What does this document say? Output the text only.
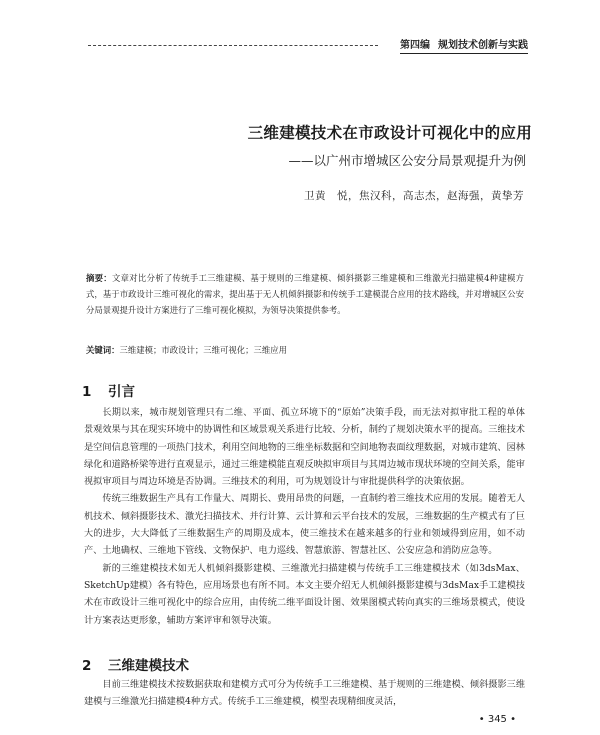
第四编 规划技术创新与实践
三维建模技术在市政设计可视化中的应用
——以广州市增城区公安分局景观提升为例
卫黄　悦，焦汉科，高志杰，赵海强，黄挚芳
摘要：文章对比分析了传统手工三维建模、基于规则的三维建模、倾斜摄影三维建模和三维激光扫描建模4种建模方式，基于市政设计三维可视化的需求，提出基于无人机倾斜摄影和传统手工建模混合应用的技术路线，并对增城区公安分局景观提升设计方案进行了三维可视化模拟，为领导决策提供参考。
关键词：三维建模；市政设计；三维可视化；三维应用
1 引言

长期以来，城市规划管理只有二维、平面、孤立环境下的“原始”决策手段，而无法对拟审批工程的单体景观效果与其在现实环境中的协调性和区域景观关系进行比较、分析，制约了规划决策水平的提高。三维技术是空间信息管理的一项热门技术，利用空间地物的三维坐标数据和空间地物表面纹理数据，对城市建筑、园林绿化和道路桥梁等进行直观显示，通过三维建模能直观反映拟审项目与其周边城市现状环境的空间关系，能审视拟审项目与周边环境是否协调。三维技术的利用，可为规划设计与审批提供科学的决策依据。

传统三维数据生产具有工作量大、周期长、费用昂贵的问题，一直制约着三维技术应用的发展。随着无人机技术、倾斜摄影技术、激光扫描技术、并行计算、云计算和云平台技术的发展，三维数据的生产模式有了巨大的进步，大大降低了三维数据生产的周期及成本，使三维技术在越来越多的行业和领域得到应用，如不动产、土地确权、三维地下管线、文物保护、电力巡线、智慧旅游、智慧社区、公安应急和消防应急等。

新的三维建模技术如无人机倾斜摄影建模、三维激光扫描建模与传统手工三维建模技术（如3dsMax、SketchUp建模）各有特色，应用场景也有所不同。本文主要介绍无人机倾斜摄影建模与3dsMax手工建模技术在市政设计三维可视化中的综合应用，由传统二维平面设计图、效果图模式转向真实的三维场景模式，使设计方案表达更形象，辅助方案评审和领导决策。

2 三维建模技术

目前三维建模技术按数据获取和建模方式可分为传统手工三维建模、基于规则的三维建模、倾斜摄影三维建模与三维激光扫描建模4种方式。传统手工三维建模，模型表现精细度灵活，

• 345 •
